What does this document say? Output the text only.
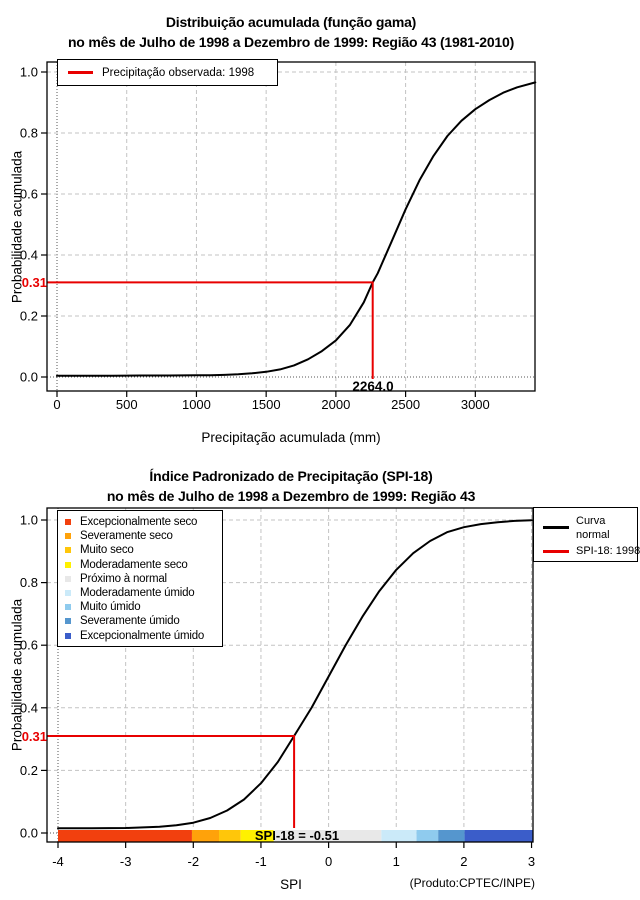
0	500	1000	1500	2000	2500	3000
0.0
0.2
0.4
0.6
0.8
1.0
-4	-3	-2	-1	0	1	2	3
0.0
0.2
0.4
0.6
0.8
1.0
Distribuição acumulada (função gama)
no mês de Julho de 1998 a Dezembro de 1999: Região 43 (1981-2010)
Probabilidade acumulada
Precipitação observada: 1998
0.31
2264.0
Precipitação acumulada (mm)
Índice Padronizado de Precipitação (SPI-18)
no mês de Julho de 1998 a Dezembro de 1999: Região 43
Probabilidade acumulada
Excepcionalmente seco
Severamente seco
Muito seco
Moderadamente seco
Próximo à normal
Moderadamente úmido
Muito úmido
Severamente úmido
Excepcionalmente úmido
Curva
normal
SPI-18: 1998
0.31
SPI-18 = -0.51
SPI	(Produto:CPTEC/INPE)
